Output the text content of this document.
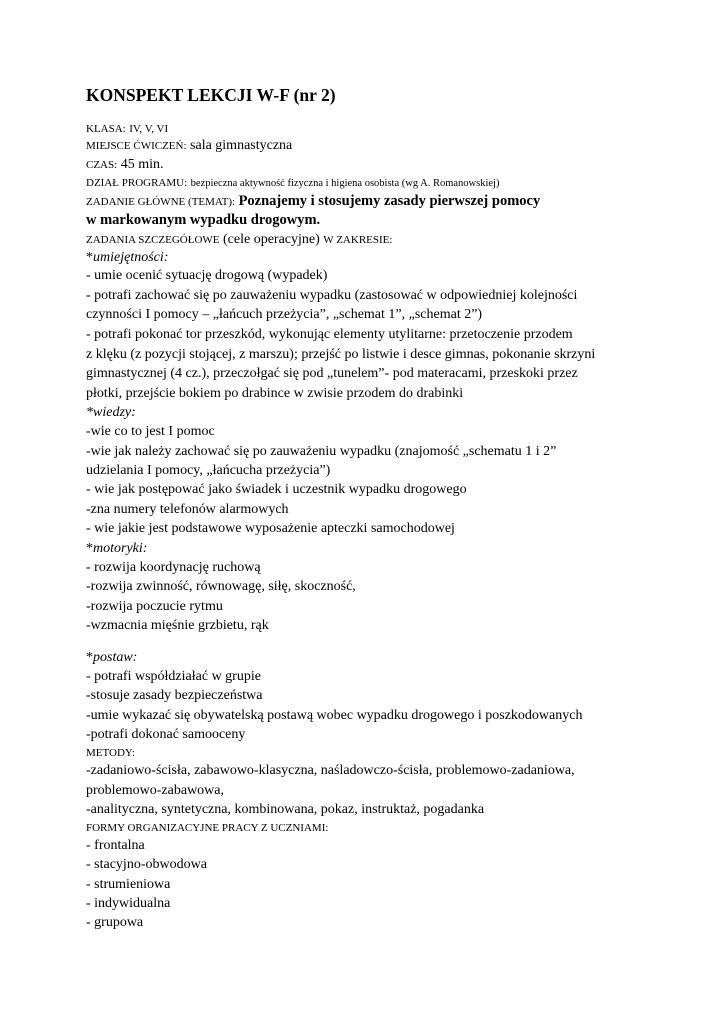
KONSPEKT LEKCJI W-F (nr 2)
KLASA: IV, V, VI
MIEJSCE ĆWICZEŃ: sala gimnastyczna
CZAS: 45 min.
DZIAŁ PROGRAMU: bezpieczna aktywność fizyczna i higiena osobista (wg A. Romanowskiej)
ZADANIE GŁÓWNE (TEMAT): Poznajemy i stosujemy zasady pierwszej pomocy
w markowanym wypadku drogowym.
ZADANIA SZCZEGÓŁOWE (cele operacyjne) W ZAKRESIE:
*umiejętności:
- umie ocenić sytuację drogową (wypadek)
- potrafi zachować się po zauważeniu wypadku (zastosować w odpowiedniej kolejności
czynności I pomocy – „łańcuch przeżycia”, „schemat 1”, „schemat 2”)
- potrafi pokonać tor przeszkód, wykonując elementy utylitarne: przetoczenie przodem
z klęku (z pozycji stojącej, z marszu); przejść po listwie i desce gimnas, pokonanie skrzyni
gimnastycznej (4 cz.), przeczołgać się pod „tunelem”- pod materacami, przeskoki przez
płotki, przejście bokiem po drabince w zwisie przodem do drabinki
*wiedzy:
-wie co to jest I pomoc
-wie jak należy zachować się po zauważeniu wypadku (znajomość „schematu 1 i 2”
udzielania I pomocy, „łańcucha przeżycia”)
- wie jak postępować jako świadek i uczestnik wypadku drogowego
-zna numery telefonów alarmowych
- wie jakie jest podstawowe wyposażenie apteczki samochodowej
*motoryki:
- rozwija koordynację ruchową
-rozwija zwinność, równowagę, siłę, skoczność,
-rozwija poczucie rytmu
-wzmacnia mięśnie grzbietu, rąk
*postaw:
- potrafi współdziałać w grupie
-stosuje zasady bezpieczeństwa
-umie wykazać się obywatelską postawą wobec wypadku drogowego i poszkodowanych
-potrafi dokonać samooceny
METODY:
-zadaniowo-ścisła, zabawowo-klasyczna, naśladowczo-ścisła, problemowo-zadaniowa,
problemowo-zabawowa,
-analityczna, syntetyczna, kombinowana, pokaz, instruktaż, pogadanka
FORMY ORGANIZACYJNE PRACY Z UCZNIAMI:
- frontalna
- stacyjno-obwodowa
- strumieniowa
- indywidualna
- grupowa
